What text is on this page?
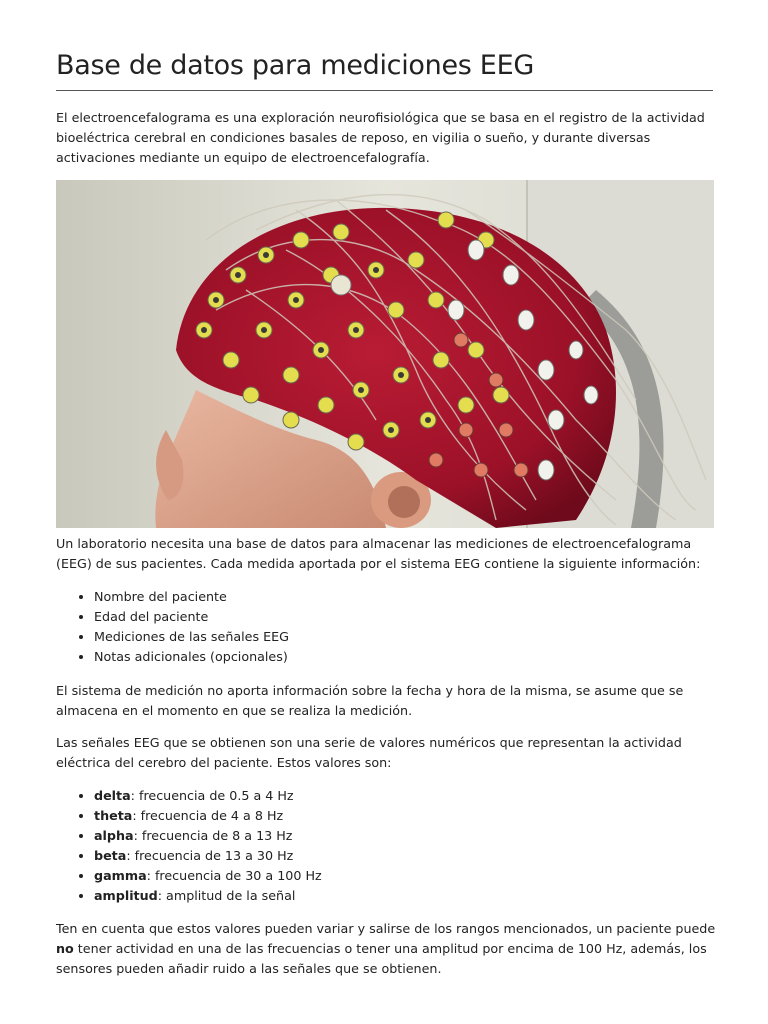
Base de datos para mediciones EEG

El electroencefalograma es una exploración neurofisiológica que se basa en el registro de la actividad bioeléctrica cerebral en condiciones basales de reposo, en vigilia o sueño, y durante diversas activaciones mediante un equipo de electroencefalografía.

Un laboratorio necesita una base de datos para almacenar las mediciones de electroencefalograma (EEG) de sus pacientes. Cada medida aportada por el sistema EEG contiene la siguiente información:

• Nombre del paciente
• Edad del paciente
• Mediciones de las señales EEG
• Notas adicionales (opcionales)

El sistema de medición no aporta información sobre la fecha y hora de la misma, se asume que se almacena en el momento en que se realiza la medición.

Las señales EEG que se obtienen son una serie de valores numéricos que representan la actividad eléctrica del cerebro del paciente. Estos valores son:

• delta: frecuencia de 0.5 a 4 Hz
• theta: frecuencia de 4 a 8 Hz
• alpha: frecuencia de 8 a 13 Hz
• beta: frecuencia de 13 a 30 Hz
• gamma: frecuencia de 30 a 100 Hz
• amplitud: amplitud de la señal

Ten en cuenta que estos valores pueden variar y salirse de los rangos mencionados, un paciente puede no tener actividad en una de las frecuencias o tener una amplitud por encima de 100 Hz, además, los sensores pueden añadir ruido a las señales que se obtienen.
